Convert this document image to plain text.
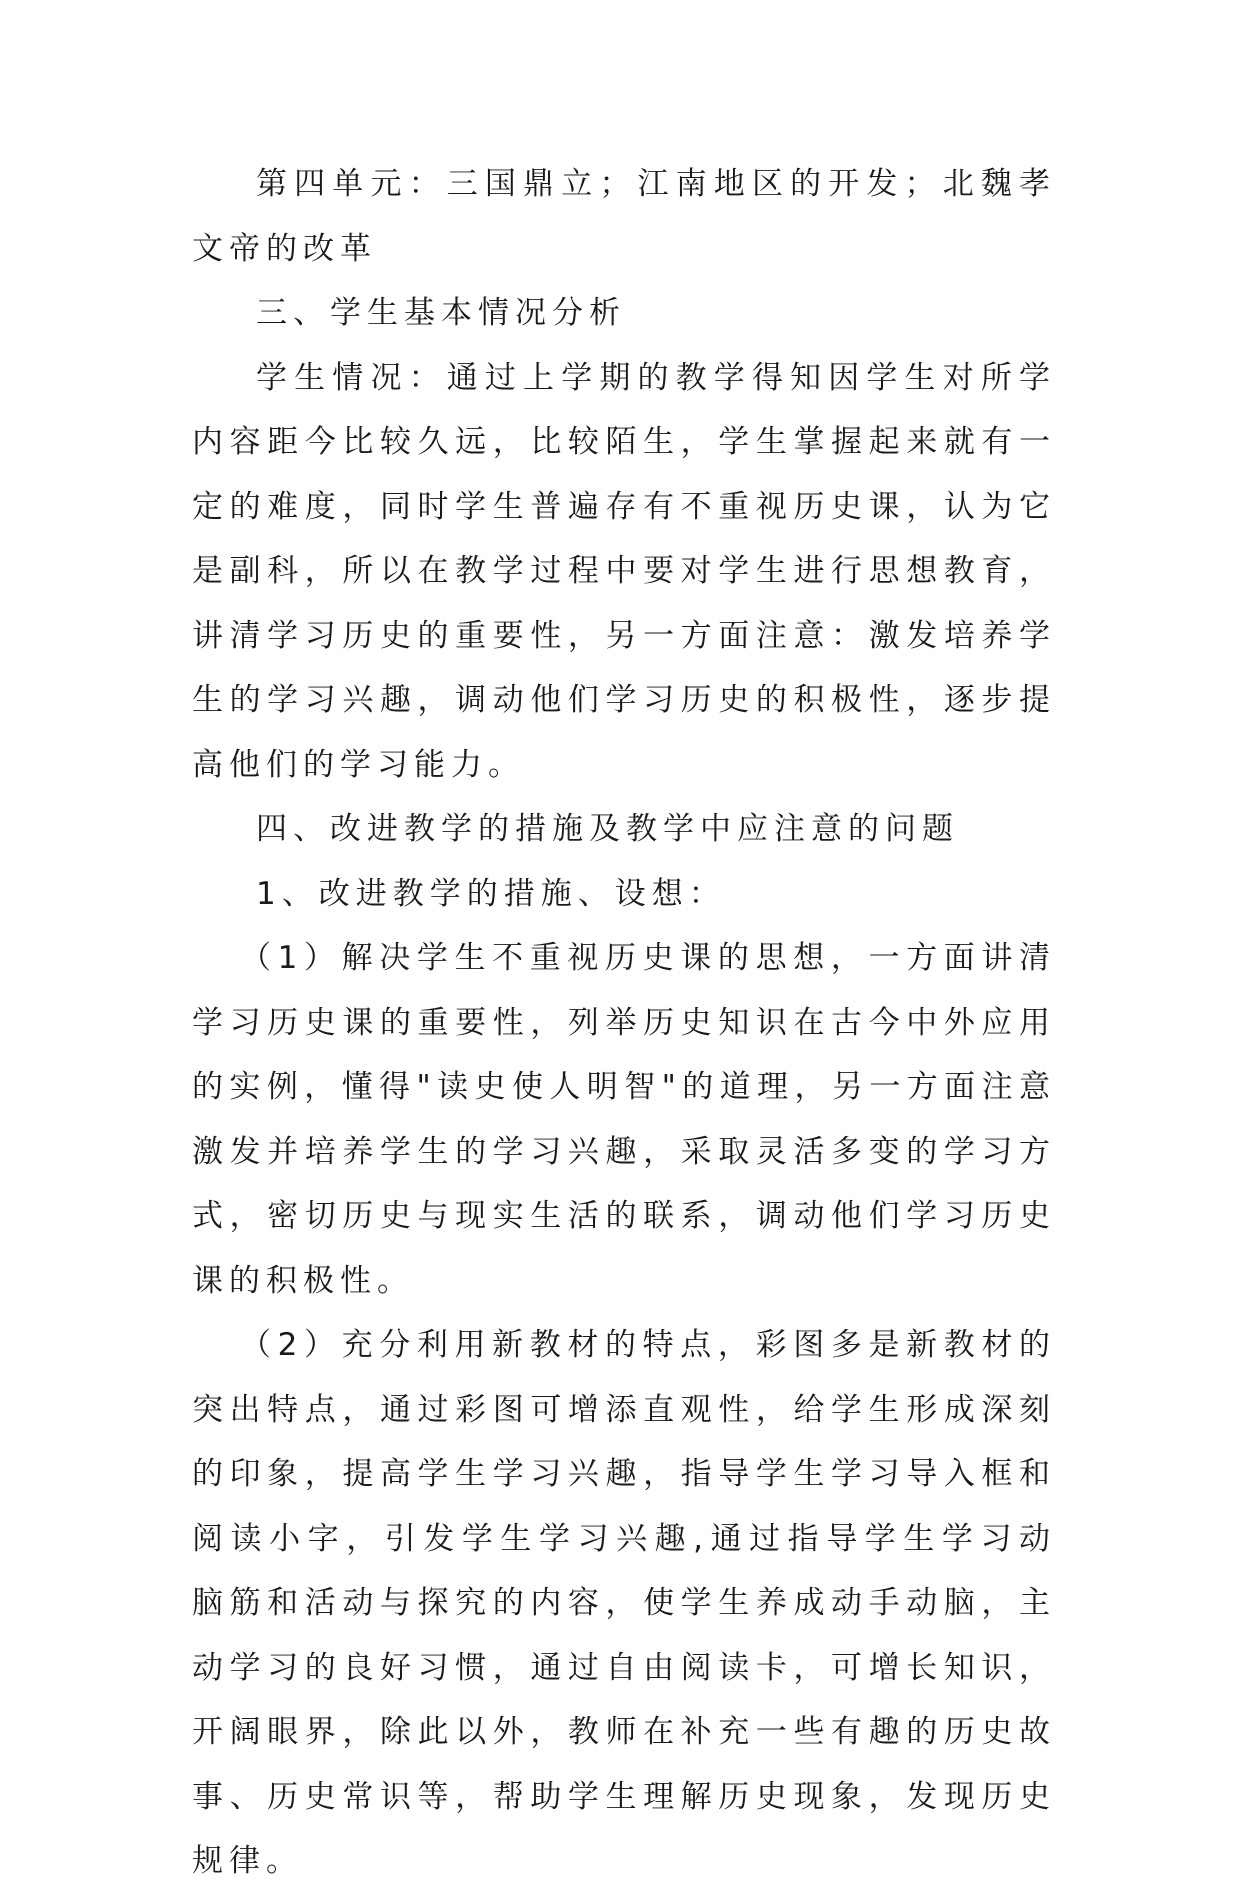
第四单元：三国鼎立；江南地区的开发；北魏孝文帝的改革

三、学生基本情况分析

学生情况：通过上学期的教学得知因学生对所学内容距今比较久远，比较陌生，学生掌握起来就有一定的难度，同时学生普遍存有不重视历史课，认为它是副科，所以在教学过程中要对学生进行思想教育，讲清学习历史的重要性，另一方面注意：激发培养学生的学习兴趣，调动他们学习历史的积极性，逐步提高他们的学习能力。

四、改进教学的措施及教学中应注意的问题

1、改进教学的措施、设想：

（1）解决学生不重视历史课的思想，一方面讲清学习历史课的重要性，列举历史知识在古今中外应用的实例，懂得"读史使人明智"的道理，另一方面注意激发并培养学生的学习兴趣，采取灵活多变的学习方式，密切历史与现实生活的联系，调动他们学习历史课的积极性。

（2）充分利用新教材的特点，彩图多是新教材的突出特点，通过彩图可增添直观性，给学生形成深刻的印象，提高学生学习兴趣，指导学生学习导入框和阅读小字，引发学生学习兴趣,通过指导学生学习动脑筋和活动与探究的内容，使学生养成动手动脑，主动学习的良好习惯，通过自由阅读卡，可增长知识，开阔眼界，除此以外，教师在补充一些有趣的历史故事、历史常识等，帮助学生理解历史现象，发现历史规律。
